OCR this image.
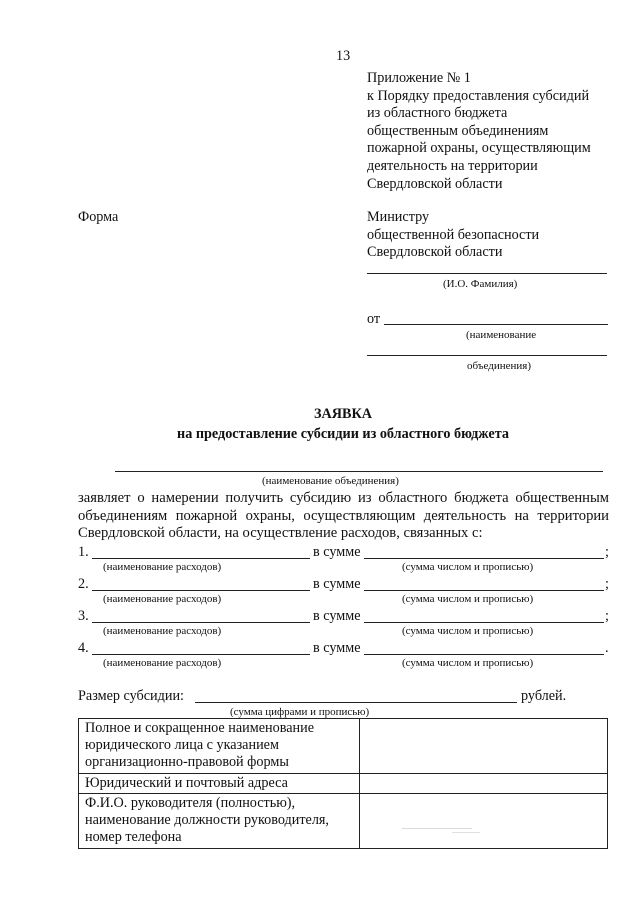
13
Приложение № 1
к Порядку предоставления субсидий
из областного бюджета
общественным объединениям
пожарной охраны, осуществляющим
деятельность на территории
Свердловской области
Форма	Министру
общественной безопасности
Свердловской области
(И.О. Фамилия)
от
(наименование
объединения)
ЗАЯВКА
на предоставление субсидии из областного бюджета
(наименование объединения)
заявляет о намерении получить субсидию из областного бюджета общественным объединениям пожарной охраны, осуществляющим деятельность на территории Свердловской области, на осуществление расходов, связанных с:
1.	в сумме	;
(наименование расходов)	(сумма числом и прописью)
2.	в сумме	;
(наименование расходов)	(сумма числом и прописью)
3.	в сумме	;
(наименование расходов)	(сумма числом и прописью)
4.	в сумме	.
(наименование расходов)	(сумма числом и прописью)
Размер субсидии:	рублей.
(сумма цифрами и прописью)
Полное и сокращенное наименование юридического лица с указанием организационно-правовой формы	
Юридический и почтовый адреса	
Ф.И.О. руководителя (полностью), наименование должности руководителя, номер телефона	
